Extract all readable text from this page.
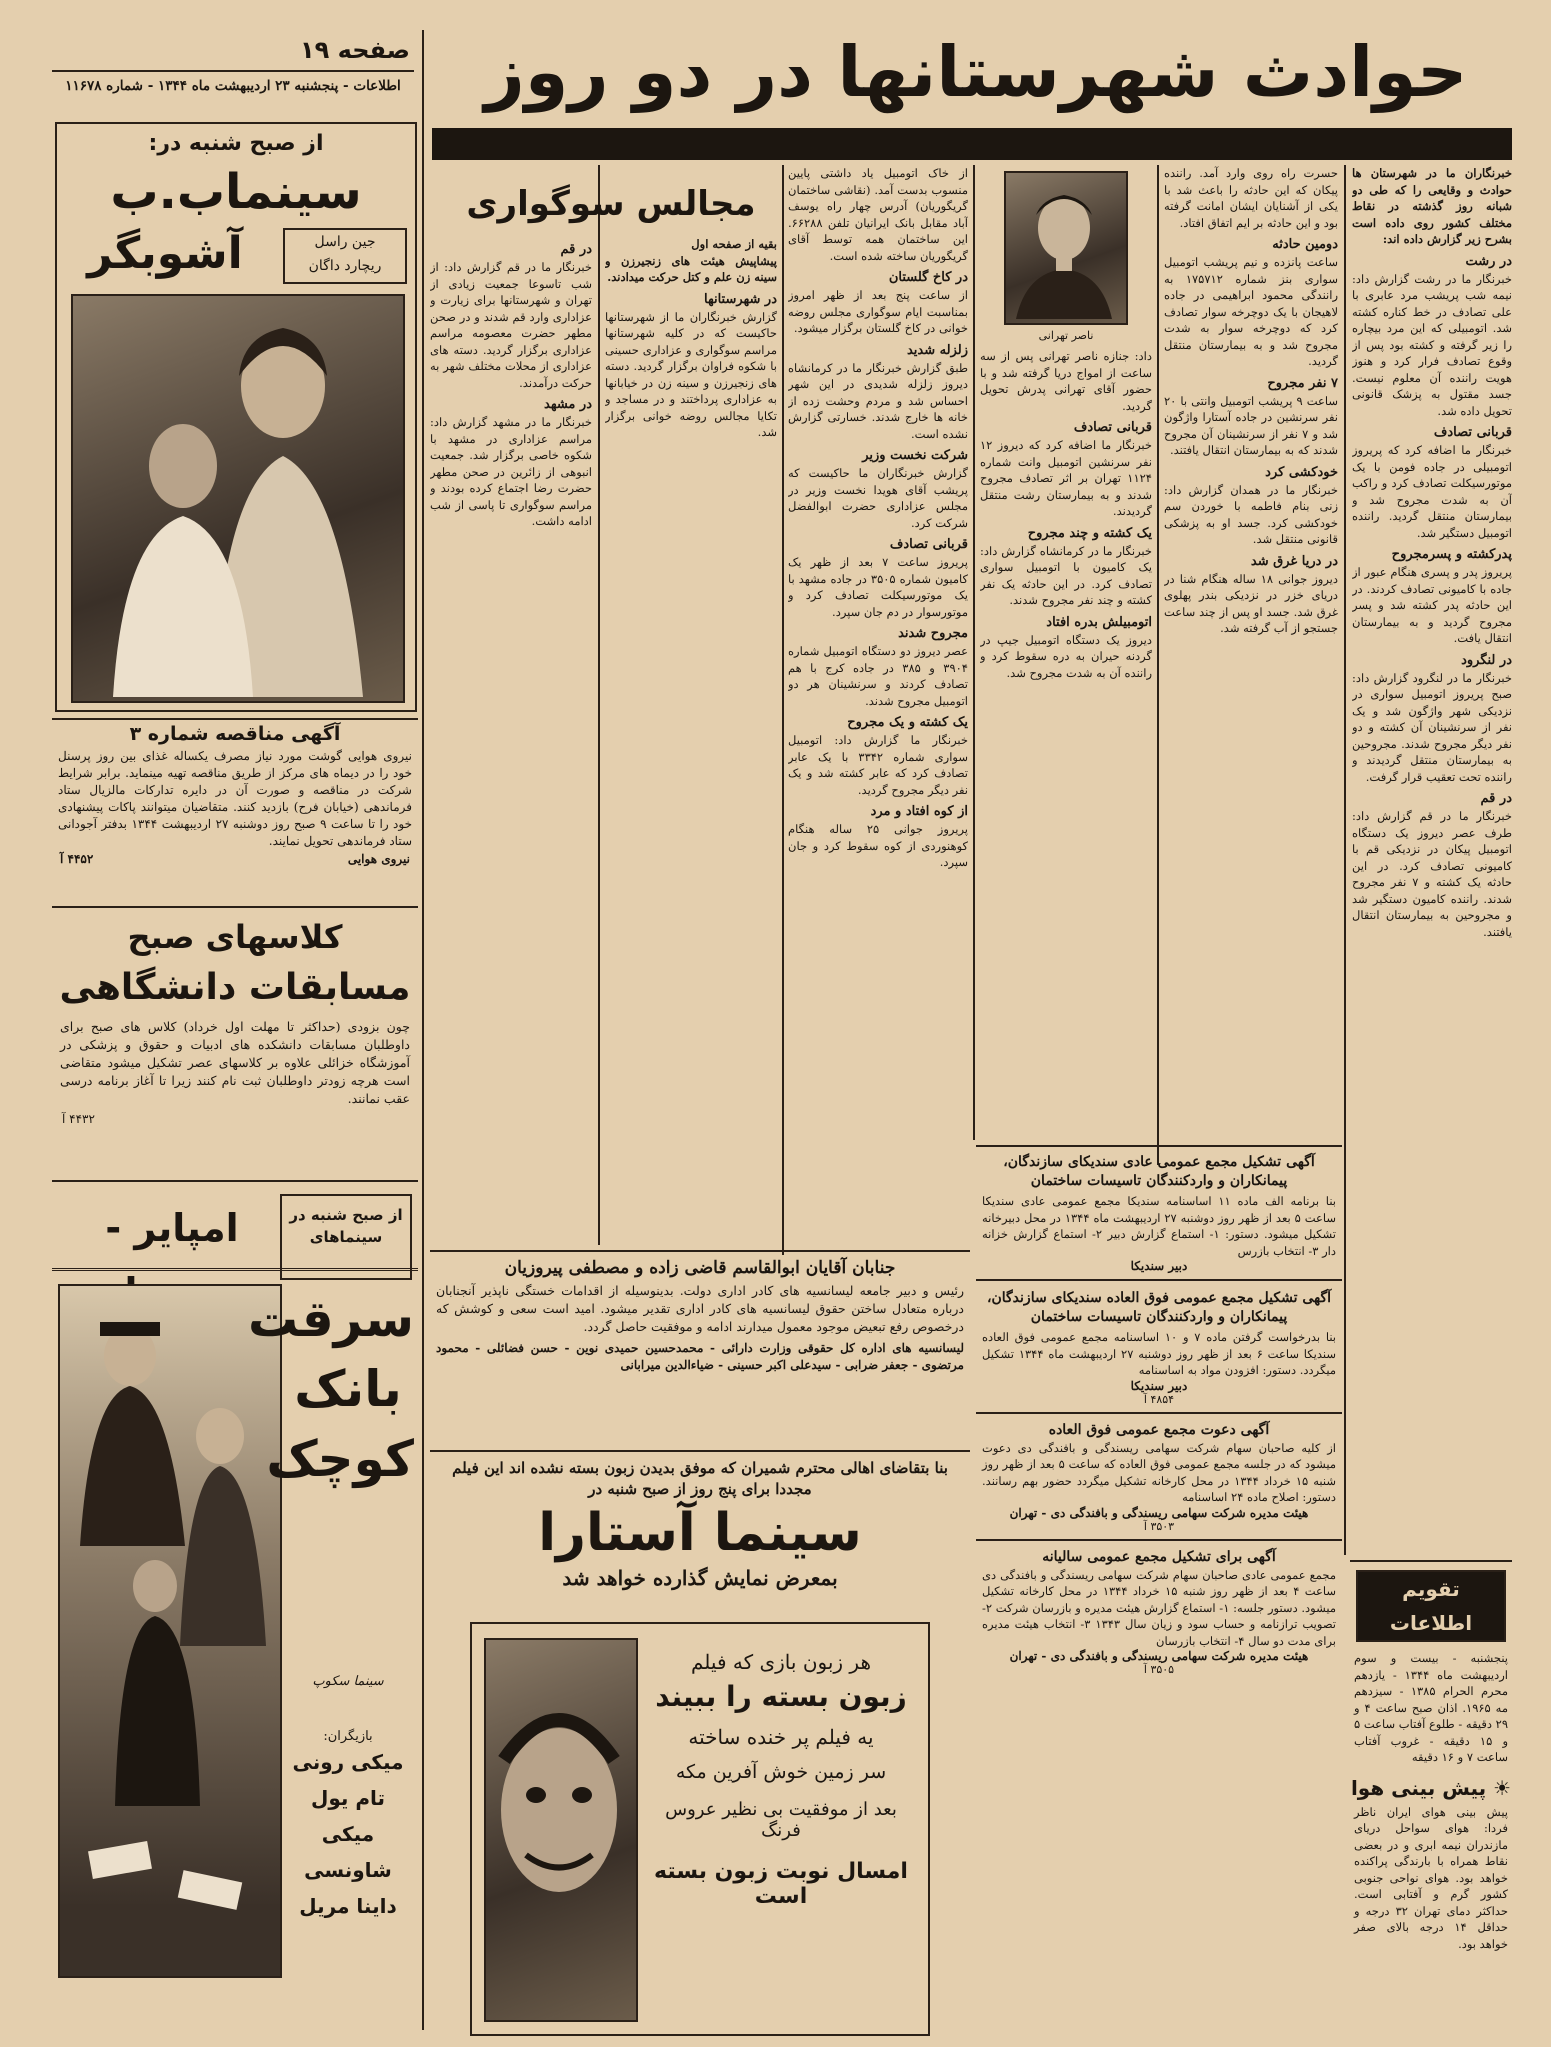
حوادث شهرستانها در دو روز
صفحه ۱۹
اطلاعات - پنجشنبه ۲۳ اردیبهشت ماه ۱۳۴۴ - شماره ۱۱۶۷۸
خبرنگاران ما در شهرستان ها حوادث و وقایعی را که طی دو شبانه روز گذشته در نقاط مختلف کشور روی داده است بشرح زیر گزارش داده اند:
در رشت
خبرنگار ما در رشت گزارش داد: نیمه شب پریشب مرد عابری با علی تصادف در خط کناره کشته شد. اتومبیلی که این مرد بیچاره را زیر گرفته و کشته بود پس از وقوع تصادف فرار کرد و هنوز هویت راننده آن معلوم نیست. جسد مقتول به پزشک قانونی تحویل داده شد.
قربانی تصادف
خبرنگار ما اضافه کرد که پریروز اتومبیلی در جاده فومن با یک موتورسیکلت تصادف کرد و راکب آن به شدت مجروح شد و بیمارستان منتقل گردید. راننده اتومبیل دستگیر شد.
پدرکشته و پسرمجروح
پریروز پدر و پسری هنگام عبور از جاده با کامیونی تصادف کردند. در این حادثه پدر کشته شد و پسر مجروح گردید و به بیمارستان انتقال یافت.
در لنگرود
خبرنگار ما در لنگرود گزارش داد: صبح پریروز اتومبیل سواری در نزدیکی شهر واژگون شد و یک نفر از سرنشینان آن کشته و دو نفر دیگر مجروح شدند. مجروحین به بیمارستان منتقل گردیدند و راننده تحت تعقیب قرار گرفت.
در قم
خبرنگار ما در قم گزارش داد: طرف عصر دیروز یک دستگاه اتومبیل پیکان در نزدیکی قم با کامیونی تصادف کرد. در این حادثه یک کشته و ۷ نفر مجروح شدند. راننده کامیون دستگیر شد و مجروحین به بیمارستان انتقال یافتند.
حسرت راه روی وارد آمد. راننده پیکان که این حادثه را باعث شد با یکی از آشنایان ایشان امانت گرفته بود و این حادثه بر ایم اتفاق افتاد.
دومین حادثه
ساعت پانزده و نیم پریشب اتومبیل سواری بنز شماره ۱۷۵۷۱۲ به رانندگی محمود ابراهیمی در جاده لاهیجان با یک دوچرخه سوار تصادف کرد که دوچرخه سوار به شدت مجروح شد و به بیمارستان منتقل گردید.
۷ نفر مجروح
ساعت ۹ پریشب اتومبیل وانتی با ۲۰ نفر سرنشین در جاده آستارا واژگون شد و ۷ نفر از سرنشینان آن مجروح شدند که به بیمارستان انتقال یافتند.
خودکشی کرد
خبرنگار ما در همدان گزارش داد: زنی بنام فاطمه با خوردن سم خودکشی کرد. جسد او به پزشکی قانونی منتقل شد.
در دریا غرق شد
دیروز جوانی ۱۸ ساله هنگام شنا در دریای خزر در نزدیکی بندر پهلوی غرق شد. جسد او پس از چند ساعت جستجو از آب گرفته شد.
ناصر تهرانی
داد: جنازه ناصر تهرانی پس از سه ساعت از امواج دریا گرفته شد و با حضور آقای تهرانی پدرش تحویل گردید.
قربانی تصادف
خبرنگار ما اضافه کرد که دیروز ۱۲ نفر سرنشین اتومبیل وانت شماره ۱۱۲۴ تهران بر اثر تصادف مجروح شدند و به بیمارستان رشت منتقل گردیدند.
یک کشته و چند مجروح
خبرنگار ما در کرمانشاه گزارش داد: یک کامیون با اتومبیل سواری تصادف کرد. در این حادثه یک نفر کشته و چند نفر مجروح شدند.
اتومبیلش بدره افتاد
دیروز یک دستگاه اتومبیل جیپ در گردنه حیران به دره سقوط کرد و راننده آن به شدت مجروح شد.
از خاک اتومبیل یاد داشتی پایین منسوب بدست آمد. (نقاشی ساختمان گریگوریان) آدرس چهار راه یوسف آباد مقابل بانک ایرانیان تلفن ۶۶۲۸۸. این ساختمان همه توسط آقای گریگوریان ساخته شده است.
در کاخ گلستان
از ساعت پنج بعد از ظهر امروز بمناسبت ایام سوگواری مجلس روضه خوانی در کاخ گلستان برگزار میشود.
زلزله شدید
طبق گزارش خبرنگار ما در کرمانشاه دیروز زلزله شدیدی در این شهر احساس شد و مردم وحشت زده از خانه ها خارج شدند. خسارتی گزارش نشده است.
شرکت نخست وزیر
گزارش خبرنگاران ما حاکیست که پریشب آقای هویدا نخست وزیر در مجلس عزاداری حضرت ابوالفضل شرکت کرد.
قربانی تصادف
پریروز ساعت ۷ بعد از ظهر یک کامیون شماره ۳۵۰۵ در جاده مشهد با یک موتورسیکلت تصادف کرد و موتورسوار در دم جان سپرد.
مجروح شدند
عصر دیروز دو دستگاه اتومبیل شماره ۳۹۰۴ و ۳۸۵ در جاده کرج با هم تصادف کردند و سرنشینان هر دو اتومبیل مجروح شدند.
یک کشته و یک مجروح
خبرنگار ما گزارش داد: اتومبیل سواری شماره ۳۳۴۲ با یک عابر تصادف کرد که عابر کشته شد و یک نفر دیگر مجروح گردید.
از کوه افتاد و مرد
پریروز جوانی ۲۵ ساله هنگام کوهنوردی از کوه سقوط کرد و جان سپرد.
مجالس سوگواری
بقیه از صفحه اول
پیشاپیش هیئت های زنجیرزن و سینه زن علم و کتل حرکت میدادند.
در شهرستانها
گزارش خبرنگاران ما از شهرستانها حاکیست که در کلیه شهرستانها مراسم سوگواری و عزاداری حسینی با شکوه فراوان برگزار گردید. دسته های زنجیرزن و سینه زن در خیابانها به عزاداری پرداختند و در مساجد و تکایا مجالس روضه خوانی برگزار شد.
در قم
خبرنگار ما در قم گزارش داد: از شب تاسوعا جمعیت زیادی از تهران و شهرستانها برای زیارت و عزاداری وارد قم شدند و در صحن مطهر حضرت معصومه مراسم عزاداری برگزار گردید. دسته های عزاداری از محلات مختلف شهر به حرکت درآمدند.
در مشهد
خبرنگار ما در مشهد گزارش داد: مراسم عزاداری در مشهد با شکوه خاصی برگزار شد. جمعیت انبوهی از زائرین در صحن مطهر حضرت رضا اجتماع کرده بودند و مراسم سوگواری تا پاسی از شب ادامه داشت.
جنابان آقایان ابوالقاسم قاضی زاده و مصطفی پیروزیان
رئیس و دبیر جامعه لیسانسیه های کادر اداری دولت. بدینوسیله از اقدامات خستگی ناپذیر آنجنابان درباره متعادل ساختن حقوق لیسانسیه های کادر اداری تقدیر میشود. امید است سعی و کوشش که درخصوص رفع تبعیض موجود معمول میدارند ادامه و موفقیت حاصل گردد.
لیسانسیه های اداره کل حقوقی وزارت دارائی - محمدحسین حمیدی نوین - حسن فضائلی - محمود مرتضوی - جعفر ضرابی - سیدعلی اکبر حسینی - ضیاءالدین میرابانی
بنا بتقاضای اهالی محترم شمیران که موفق بدیدن زبون بسته نشده اند این فیلم مجددا برای پنج روز از صبح شنبه در
سینما آستارا
بمعرض نمایش گذارده خواهد شد
هر زبون بازی که فیلم
زبون بسته را ببیند
یه فیلم پر خنده ساخته
سر زمین خوش آفرین مکه
بعد از موفقیت بی نظیر عروس فرنگ
امسال نوبت زبون بسته است
آگهی تشکیل مجمع عمومی عادی سندیکای سازندگان، پیمانکاران و واردکنندگان تاسیسات ساختمان
بنا برنامه الف ماده ۱۱ اساسنامه سندیکا مجمع عمومی عادی سندیکا ساعت ۵ بعد از ظهر روز دوشنبه ۲۷ اردیبهشت ماه ۱۳۴۴ در محل دبیرخانه تشکیل میشود. دستور: ۱- استماع گزارش دبیر ۲- استماع گزارش خزانه دار ۳- انتخاب بازرس
دبیر سندیکا
آگهی تشکیل مجمع عمومی فوق العاده سندیکای سازندگان، پیمانکاران و واردکنندگان تاسیسات ساختمان
بنا بدرخواست گرفتن ماده ۷ و ۱۰ اساسنامه مجمع عمومی فوق العاده سندیکا ساعت ۶ بعد از ظهر روز دوشنبه ۲۷ اردیبهشت ماه ۱۳۴۴ تشکیل میگردد. دستور: افزودن مواد به اساسنامه
دبیر سندیکا
۴۸۵۴ آ
آگهی دعوت مجمع عمومی فوق العاده
از کلیه صاحبان سهام شرکت سهامی ریسندگی و بافندگی دی دعوت میشود که در جلسه مجمع عمومی فوق العاده که ساعت ۵ بعد از ظهر روز شنبه ۱۵ خرداد ۱۳۴۴ در محل کارخانه تشکیل میگردد حضور بهم رسانند. دستور: اصلاح ماده ۲۴ اساسنامه
هیئت مدیره شرکت سهامی ریسندگی و بافندگی دی - تهران
۳۵۰۳ آ
آگهی برای تشکیل مجمع عمومی سالیانه
مجمع عمومی عادی صاحبان سهام شرکت سهامی ریسندگی و بافندگی دی ساعت ۴ بعد از ظهر روز شنبه ۱۵ خرداد ۱۳۴۴ در محل کارخانه تشکیل میشود. دستور جلسه: ۱- استماع گزارش هیئت مدیره و بازرسان شرکت ۲- تصویب ترازنامه و حساب سود و زیان سال ۱۳۴۳ ۳- انتخاب هیئت مدیره برای مدت دو سال ۴- انتخاب بازرسان
هیئت مدیره شرکت سهامی ریسندگی و بافندگی دی - تهران
۳۵۰۵ آ
تقویم اطلاعات
پنجشنبه - بیست و سوم اردیبهشت ماه ۱۳۴۴ - یازدهم محرم الحرام ۱۳۸۵ - سیزدهم مه ۱۹۶۵. اذان صبح ساعت ۴ و ۲۹ دقیقه - طلوع آفتاب ساعت ۵ و ۱۵ دقیقه - غروب آفتاب ساعت ۷ و ۱۶ دقیقه
☀ پیش بینی هوا
پیش بینی هوای ایران ناظر فردا: هوای سواحل دریای مازندران نیمه ابری و در بعضی نقاط همراه با بارندگی پراکنده خواهد بود. هوای نواحی جنوبی کشور گرم و آفتابی است. حداکثر دمای تهران ۳۲ درجه و حداقل ۱۴ درجه بالای صفر خواهد بود.
از صبح شنبه در:
سینماب.ب
آشوبگر	جین راسل
ریچارد داگان
آگهی مناقصه شماره ۳
نیروی هوایی گوشت مورد نیاز مصرف یکساله غذای بین روز پرسنل خود را در دیماه های مرکز از طریق مناقصه تهیه مینماید. برابر شرایط شرکت در مناقصه و صورت آن در دایره تدارکات مالزیال ستاد فرماندهی (خیابان فرح) بازدید کنند. متقاضیان میتوانند پاکات پیشنهادی خود را تا ساعت ۹ صبح روز دوشنبه ۲۷ اردیبهشت ۱۳۴۴ بدفتر آجودانی ستاد فرماندهی تحویل نمایند.
نیروی هوایی
۴۴۵۲ آ
کلاسهای صبح
مسابقات دانشگاهی
چون بزودی (حداکثر تا مهلت اول خرداد) کلاس های صبح برای داوطلبان مسابقات دانشکده های ادبیات و حقوق و پزشکی در آموزشگاه خزائلی علاوه بر کلاسهای عصر تشکیل میشود متقاضی است هرچه زودتر داوطلبان ثبت نام کنند زیرا تا آغاز برنامه درسی عقب نمانند.
۴۴۳۲ آ
از صبح شنبه در سینماهای
امپایر -
سرقت
بانک
کوچک
سینما سکوپ
بازیگران:
میکی رونی
تام یول
میکی شاونسی
داینا مریل
